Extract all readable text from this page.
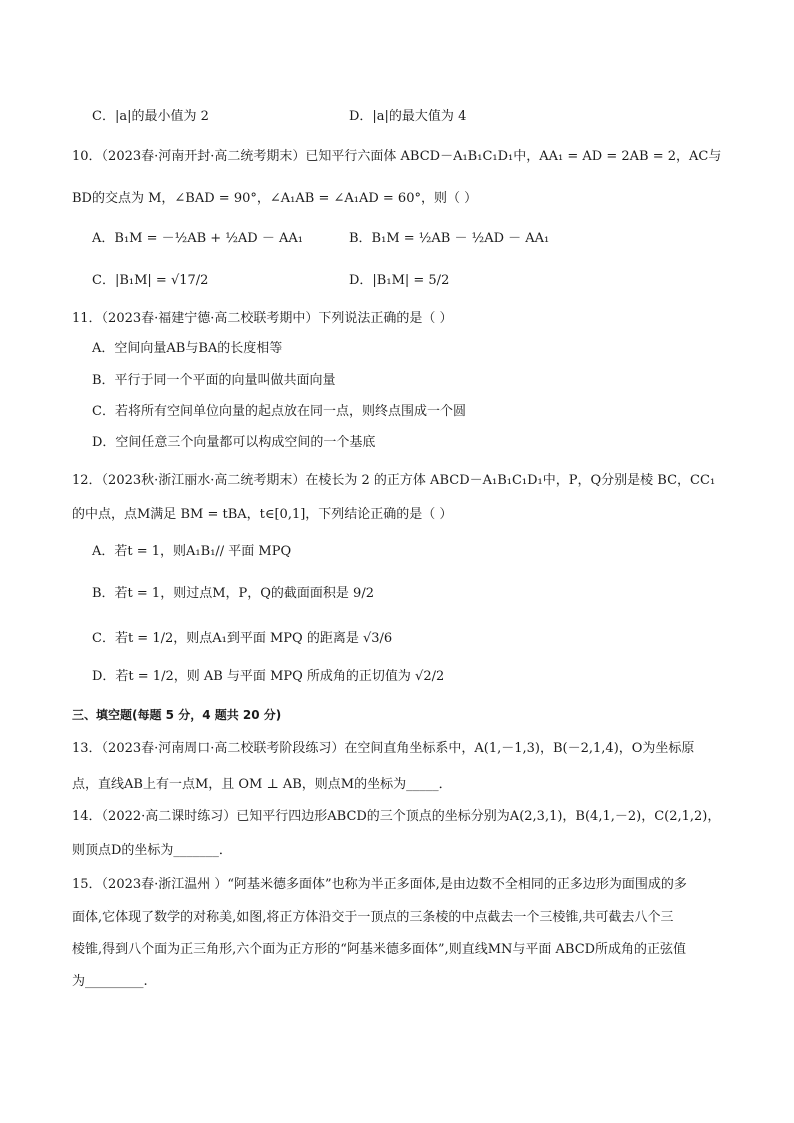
C．|a|的最小值为 2	D．|a|的最大值为 4
10．（2023春·河南开封·高二统考期末）已知平行六面体 ABCD－A₁B₁C₁D₁中，AA₁ = AD = 2AB = 2，AC与
BD的交点为 M，∠BAD = 90°，∠A₁AB = ∠A₁AD = 60°，则（ ）
A．B₁M = －½AB + ½AD － AA₁	B．B₁M = ½AB － ½AD － AA₁
C．|B₁M| = √17/2	D．|B₁M| = 5/2
11．（2023春·福建宁德·高二校联考期中）下列说法正确的是（ ）
A．空间向量AB与BA的长度相等
B．平行于同一个平面的向量叫做共面向量
C．若将所有空间单位向量的起点放在同一点，则终点围成一个圆
D．空间任意三个向量都可以构成空间的一个基底
12．（2023秋·浙江丽水·高二统考期末）在棱长为 2 的正方体 ABCD－A₁B₁C₁D₁中，P，Q分别是棱 BC，CC₁
的中点，点M满足 BM = tBA，t∈[0,1]，下列结论正确的是（ ）
A．若t = 1，则A₁B₁// 平面 MPQ
B．若t = 1，则过点M，P，Q的截面面积是 9/2
C．若t = 1/2，则点A₁到平面 MPQ 的距离是 √3/6
D．若t = 1/2，则 AB 与平面 MPQ 所成角的正切值为 √2/2
三、填空题(每题 5 分，4 题共 20 分)
13．（2023春·河南周口·高二校联考阶段练习）在空间直角坐标系中，A(1,－1,3)，B(－2,1,4)，O为坐标原
点，直线AB上有一点M，且 OM ⊥ AB，则点M的坐标为_____．
14．（2022·高二课时练习）已知平行四边形ABCD的三个顶点的坐标分别为A(2,3,1)，B(4,1,－2)，C(2,1,2)，
则顶点D的坐标为_______．
15．（2023春·浙江温州 ）“阿基米德多面体”也称为半正多面体,是由边数不全相同的正多边形为面围成的多
面体,它体现了数学的对称美,如图,将正方体沿交于一顶点的三条棱的中点截去一个三棱锥,共可截去八个三
棱锥,得到八个面为正三角形,六个面为正方形的“阿基米德多面体”,则直线MN与平面 ABCD所成角的正弦值
为_________.
